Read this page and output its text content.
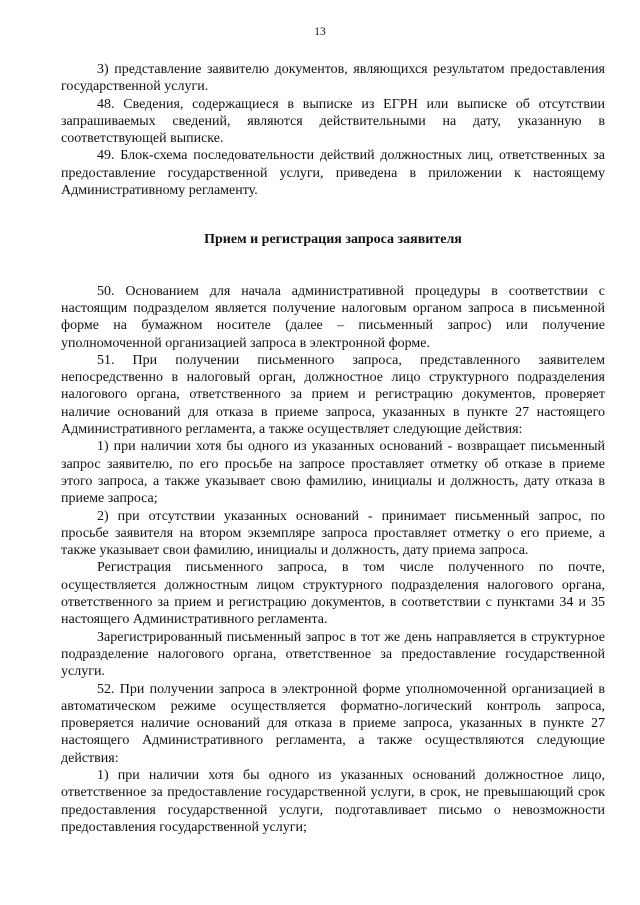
13

3) представление заявителю документов, являющихся результатом предоставления государственной услуги.

48. Сведения, содержащиеся в выписке из ЕГРН или выписке об отсутствии запрашиваемых сведений, являются действительными на дату, указанную в соответствующей выписке.

49. Блок-схема последовательности действий должностных лиц, ответственных за предоставление государственной услуги, приведена в приложении к настоящему Административному регламенту.

Прием и регистрация запроса заявителя

50. Основанием для начала административной процедуры в соответствии с настоящим подразделом является получение налоговым органом запроса в письменной форме на бумажном носителе (далее – письменный запрос) или получение уполномоченной организацией запроса в электронной форме.

51. При получении письменного запроса, представленного заявителем непосредственно в налоговый орган, должностное лицо структурного подразделения налогового органа, ответственного за прием и регистрацию документов, проверяет наличие оснований для отказа в приеме запроса, указанных в пункте 27 настоящего Административного регламента, а также осуществляет следующие действия:

1) при наличии хотя бы одного из указанных оснований - возвращает письменный запрос заявителю, по его просьбе на запросе проставляет отметку об отказе в приеме этого запроса, а также указывает свою фамилию, инициалы и должность, дату отказа в приеме запроса;

2) при отсутствии указанных оснований - принимает письменный запрос, по просьбе заявителя на втором экземпляре запроса проставляет отметку о его приеме, а также указывает свои фамилию, инициалы и должность, дату приема запроса.

Регистрация письменного запроса, в том числе полученного по почте, осуществляется должностным лицом структурного подразделения налогового органа, ответственного за прием и регистрацию документов, в соответствии с пунктами 34 и 35 настоящего Административного регламента.

Зарегистрированный письменный запрос в тот же день направляется в структурное подразделение налогового органа, ответственное за предоставление государственной услуги.

52. При получении запроса в электронной форме уполномоченной организацией в автоматическом режиме осуществляется форматно-логический контроль запроса, проверяется наличие оснований для отказа в приеме запроса, указанных в пункте 27 настоящего Административного регламента, а также осуществляются следующие действия:

1) при наличии хотя бы одного из указанных оснований должностное лицо, ответственное за предоставление государственной услуги, в срок, не превышающий срок предоставления государственной услуги, подготавливает письмо о невозможности предоставления государственной услуги;
